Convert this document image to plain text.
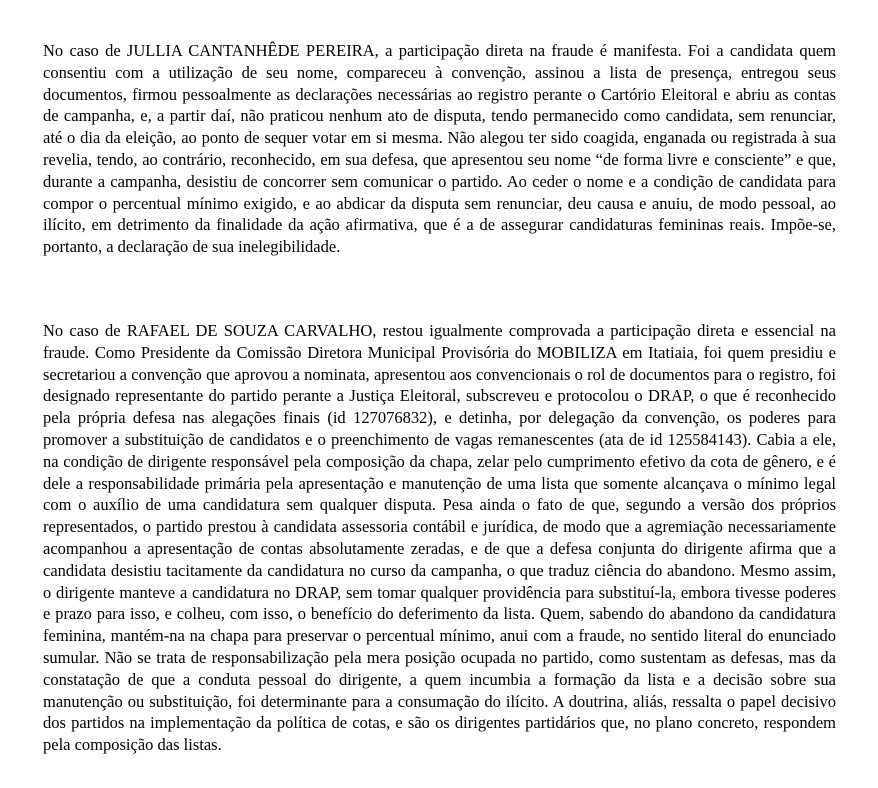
No caso de JULLIA CANTANHÊDE PEREIRA, a participação direta na fraude é manifesta. Foi a candidata quem consentiu com a utilização de seu nome, compareceu à convenção, assinou a lista de presença, entregou seus documentos, firmou pessoalmente as declarações necessárias ao registro perante o Cartório Eleitoral e abriu as contas de campanha, e, a partir daí, não praticou nenhum ato de disputa, tendo permanecido como candidata, sem renunciar, até o dia da eleição, ao ponto de sequer votar em si mesma. Não alegou ter sido coagida, enganada ou registrada à sua revelia, tendo, ao contrário, reconhecido, em sua defesa, que apresentou seu nome “de forma livre e consciente” e que, durante a campanha, desistiu de concorrer sem comunicar o partido. Ao ceder o nome e a condição de candidata para compor o percentual mínimo exigido, e ao abdicar da disputa sem renunciar, deu causa e anuiu, de modo pessoal, ao ilícito, em detrimento da finalidade da ação afirmativa, que é a de assegurar candidaturas femininas reais. Impõe-se, portanto, a declaração de sua inelegibilidade.

No caso de RAFAEL DE SOUZA CARVALHO, restou igualmente comprovada a participação direta e essencial na fraude. Como Presidente da Comissão Diretora Municipal Provisória do MOBILIZA em Itatiaia, foi quem presidiu e secretariou a convenção que aprovou a nominata, apresentou aos convencionais o rol de documentos para o registro, foi designado representante do partido perante a Justiça Eleitoral, subscreveu e protocolou o DRAP, o que é reconhecido pela própria defesa nas alegações finais (id 127076832), e detinha, por delegação da convenção, os poderes para promover a substituição de candidatos e o preenchimento de vagas remanescentes (ata de id 125584143). Cabia a ele, na condição de dirigente responsável pela composição da chapa, zelar pelo cumprimento efetivo da cota de gênero, e é dele a responsabilidade primária pela apresentação e manutenção de uma lista que somente alcançava o mínimo legal com o auxílio de uma candidatura sem qualquer disputa. Pesa ainda o fato de que, segundo a versão dos próprios representados, o partido prestou à candidata assessoria contábil e jurídica, de modo que a agremiação necessariamente acompanhou a apresentação de contas absolutamente zeradas, e de que a defesa conjunta do dirigente afirma que a candidata desistiu tacitamente da candidatura no curso da campanha, o que traduz ciência do abandono. Mesmo assim, o dirigente manteve a candidatura no DRAP, sem tomar qualquer providência para substituí-la, embora tivesse poderes e prazo para isso, e colheu, com isso, o benefício do deferimento da lista. Quem, sabendo do abandono da candidatura feminina, mantém-na na chapa para preservar o percentual mínimo, anui com a fraude, no sentido literal do enunciado sumular. Não se trata de responsabilização pela mera posição ocupada no partido, como sustentam as defesas, mas da constatação de que a conduta pessoal do dirigente, a quem incumbia a formação da lista e a decisão sobre sua manutenção ou substituição, foi determinante para a consumação do ilícito. A doutrina, aliás, ressalta o papel decisivo dos partidos na implementação da política de cotas, e são os dirigentes partidários que, no plano concreto, respondem pela composição das listas.
